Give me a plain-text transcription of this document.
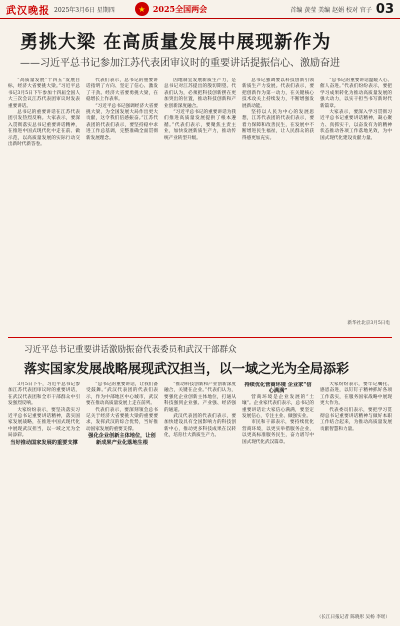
武汉晚报 2025年3月6日 星期四	★ 2025全国两会	首编 黄莹 美编 赵娟 校对 官子 03
勇挑大梁 在高质量发展中展现新作为
——习近平总书记参加江苏代表团审议时的重要讲话提振信心、激励奋进

“高质量发展”十四五”发展目标，经济大省要挑大梁。”习近平总书记3月5日下午参加十四届全国人大三次会议江苏代表团审议时发表重要讲话。

总书记的重要讲话在江苏代表团引发热烈反响。大家表示，要深入贯彻落实总书记重要讲话精神，在推进中国式现代化中走在前、做示范，以高质量发展的实际行动交出新时代新答卷。

代表们表示，总书记的重要讲话指明了方向、坚定了信心、激发了干劲。经济大省要勇挑大梁，在稳增长上作表率。

“习近平总书记强调经济大省要挑大梁，为全国发展大局作出更大贡献，这令我们倍感振奋。”江苏代表团的代表们表示，要坚持稳中求进工作总基调，完整准确全面贯彻新发展理念。

因地制宜发展新质生产力，是总书记对江苏提出的殷切期望。代表们认为，必须把科技创新摆在更加突出的位置，推动科技创新和产业创新深度融合。

“习近平总书记的重要讲话为我们推进高质量发展提供了根本遵循。”代表们表示，要聚焦主责主业，加快发展新质生产力，推动传统产业转型升级。

总书记强调要以科技创新引领新质生产力发展。代表们表示，要把创新作为第一动力，在关键核心技术攻关上持续发力，不断增强发展新动能。

坚持以人民为中心的发展思想，江苏代表团的代表们表示，要着力保障和改善民生，在发展中不断增进民生福祉，让人民群众的获得感更加充实。

“总书记的重要讲话温暖人心、催人奋进。”代表们纷纷表示，要把学习成果转化为推动高质量发展的强大动力，以实干担当书写新时代新篇章。

大家表示，要深入学习贯彻习近平总书记重要讲话精神，凝心聚力、真抓实干，以奋发有为的精神状态推动各项工作落地见效，为中国式现代化建设贡献力量。

新华社北京3月5日电
习近平总书记重要讲话激励振奋代表委员和武汉干部群众
落实国家发展战略展现武汉担当，以一域之光为全局添彩

3月5日下午，习近平总书记参加江苏代表团审议时的重要讲话，在武汉代表团和全市干部群众中引发强烈反响。

大家纷纷表示，要坚决落实习近平总书记重要讲话精神，落实国家发展战略，在推进中国式现代化中展现武汉担当，以一域之光为全局添彩。

当好推动国家发展的重要支撑

“总书记的重要讲话，让我们备受鼓舞。”武汉代表团的代表们表示，作为中部地区中心城市，武汉要在推动高质量发展上走在前列。

代表们表示，要深刻领会总书记关于经济大省要挑大梁的重要要求，发挥武汉的综合优势，当好推动国家发展的重要支撑。

强化企业创新主体地位，让创新成果产业化落地生根

“推动科技创新和产业创新深度融合，关键在企业。”代表们认为，要强化企业创新主体地位，打通从科技强到企业强、产业强、经济强的通道。

武汉代表团的代表们表示，要加快建设具有全国影响力的科技创新中心，推动更多科技成果在汉转化，培育壮大新质生产力。

持续优化营商环境 企业家“信心满满”

营商环境是企业发展的“土壤”。企业家代表们表示，总书记的重要讲话让大家信心满满，要坚定发展信心，专注主业、做强实业。

市民和干部表示，要持续优化营商环境，以更实举措服务企业，以更高标准服务民生，奋力谱写中国式现代化武汉篇章。

大家纷纷表示，要牢记嘱托、感恩奋进，以钉钉子精神抓好各项工作落实，在服务国家战略中展现更大作为。

代表委员们表示，要把学习贯彻总书记重要讲话精神与做好本职工作结合起来，为推动高质量发展贡献智慧和力量。

（长江日报记者 陈晓彤 吴杨 李瑶）
